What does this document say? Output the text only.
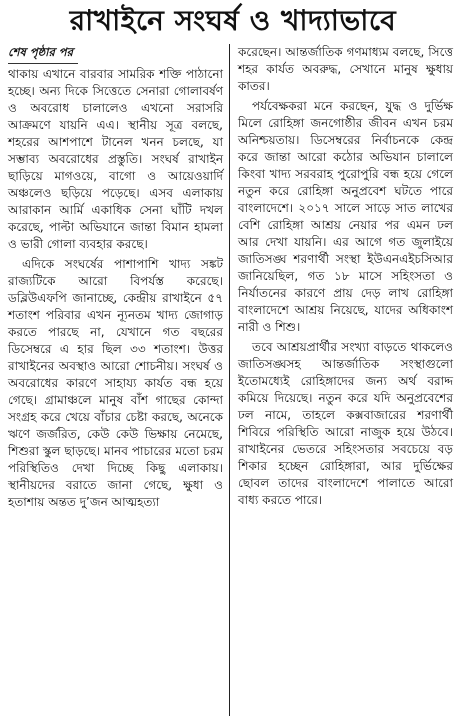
রাখাইনে সংঘর্ষ ও খাদ্যাভাবে
শেষ পৃষ্ঠার পর

থাকায় এখানে বারবার সামরিক শক্তি পাঠানো হচ্ছে। অন্য দিকে সিত্তেতে সেনারা গোলাবর্ষণ ও অবরোধ চালালেও এখনো সরাসরি আক্রমণে যায়নি এএ। স্থানীয় সূত্র বলছে, শহরের আশপাশে টানেল খনন চলছে, যা সম্ভাব্য অবরোধের প্রস্তুতি। সংঘর্ষ রাখাইন ছাড়িয়ে মাগওয়ে, বাগো ও আয়েওয়ার্দি অঞ্চলেও ছড়িয়ে পড়েছে। এসব এলাকায় আরাকান আর্মি একাধিক সেনা ঘাঁটি দখল করেছে, পাল্টা অভিযানে জান্তা বিমান হামলা ও ভারী গোলা ব্যবহার করছে।

এদিকে সংঘর্ষের পাশাপাশি খাদ্য সঙ্কট রাজ্যটিকে আরো বিপর্যস্ত করেছে। ডব্লিউএফপি জানাচ্ছে, কেন্দ্রীয় রাখাইনে ৫৭ শতাংশ পরিবার এখন ন্যূনতম খাদ্য জোগাড় করতে পারছে না, যেখানে গত বছরের ডিসেম্বরে এ হার ছিল ৩৩ শতাংশ। উত্তর রাখাইনের অবস্থাও আরো শোচনীয়। সংঘর্ষ ও অবরোধের কারণে সাহায্য কার্যত বন্ধ হয়ে গেছে। গ্রামাঞ্চলে মানুষ বাঁশ গাছের কোন্দা সংগ্রহ করে খেয়ে বাঁচার চেষ্টা করছে, অনেকে ঋণে জর্জরিত, কেউ কেউ ভিক্ষায় নেমেছে, শিশুরা স্কুল ছাড়ছে। মানব পাচারের মতো চরম পরিস্থিতিও দেখা দিচ্ছে কিছু এলাকায়। স্থানীয়দের বরাতে জানা গেছে, ক্ষুধা ও হতাশায় অন্তত দু’জন আত্মহত্যা

করেছেন। আন্তর্জাতিক গণমাধ্যম বলছে, সিত্তে শহর কার্যত অবরুদ্ধ, সেখানে মানুষ ক্ষুধায় কাতর।

পর্যবেক্ষকরা মনে করছেন, যুদ্ধ ও দুর্ভিক্ষ মিলে রোহিঙ্গা জনগোষ্ঠীর জীবন এখন চরম অনিশ্চয়তায়। ডিসেম্বরের নির্বাচনকে কেন্দ্র করে জান্তা আরো কঠোর অভিযান চালালে কিংবা খাদ্য সরবরাহ পুরোপুরি বন্ধ হয়ে গেলে নতুন করে রোহিঙ্গা অনুপ্রবেশ ঘটতে পারে বাংলাদেশে। ২০১৭ সালে সাড়ে সাত লাখের বেশি রোহিঙ্গা আশ্রয় নেয়ার পর এমন ঢল আর দেখা যায়নি। এর আগে গত জুলাইয়ে জাতিসঙ্ঘ শরণার্থী সংস্থা ইউএনএইচসিআর জানিয়েছিল, গত ১৮ মাসে সহিংসতা ও নির্যাতনের কারণে প্রায় দেড় লাখ রোহিঙ্গা বাংলাদেশে আশ্রয় নিয়েছে, যাদের অধিকাংশ নারী ও শিশু।

তবে আশ্রয়প্রার্থীর সংখ্যা বাড়তে থাকলেও জাতিসঙ্ঘসহ আন্তর্জাতিক সংস্থাগুলো ইতোমধ্যেই রোহিঙ্গাদের জন্য অর্থ বরাদ্দ কমিয়ে দিয়েছে। নতুন করে যদি অনুপ্রবেশের ঢল নামে, তাহলে কক্সবাজারের শরণার্থী শিবিরে পরিস্থিতি আরো নাজুক হয়ে উঠবে। রাখাইনের ভেতরে সহিংসতার সবচেয়ে বড় শিকার হচ্ছেন রোহিঙ্গারা, আর দুর্ভিক্ষের ছোবল তাদের বাংলাদেশে পালাতে আরো বাধ্য করতে পারে।
